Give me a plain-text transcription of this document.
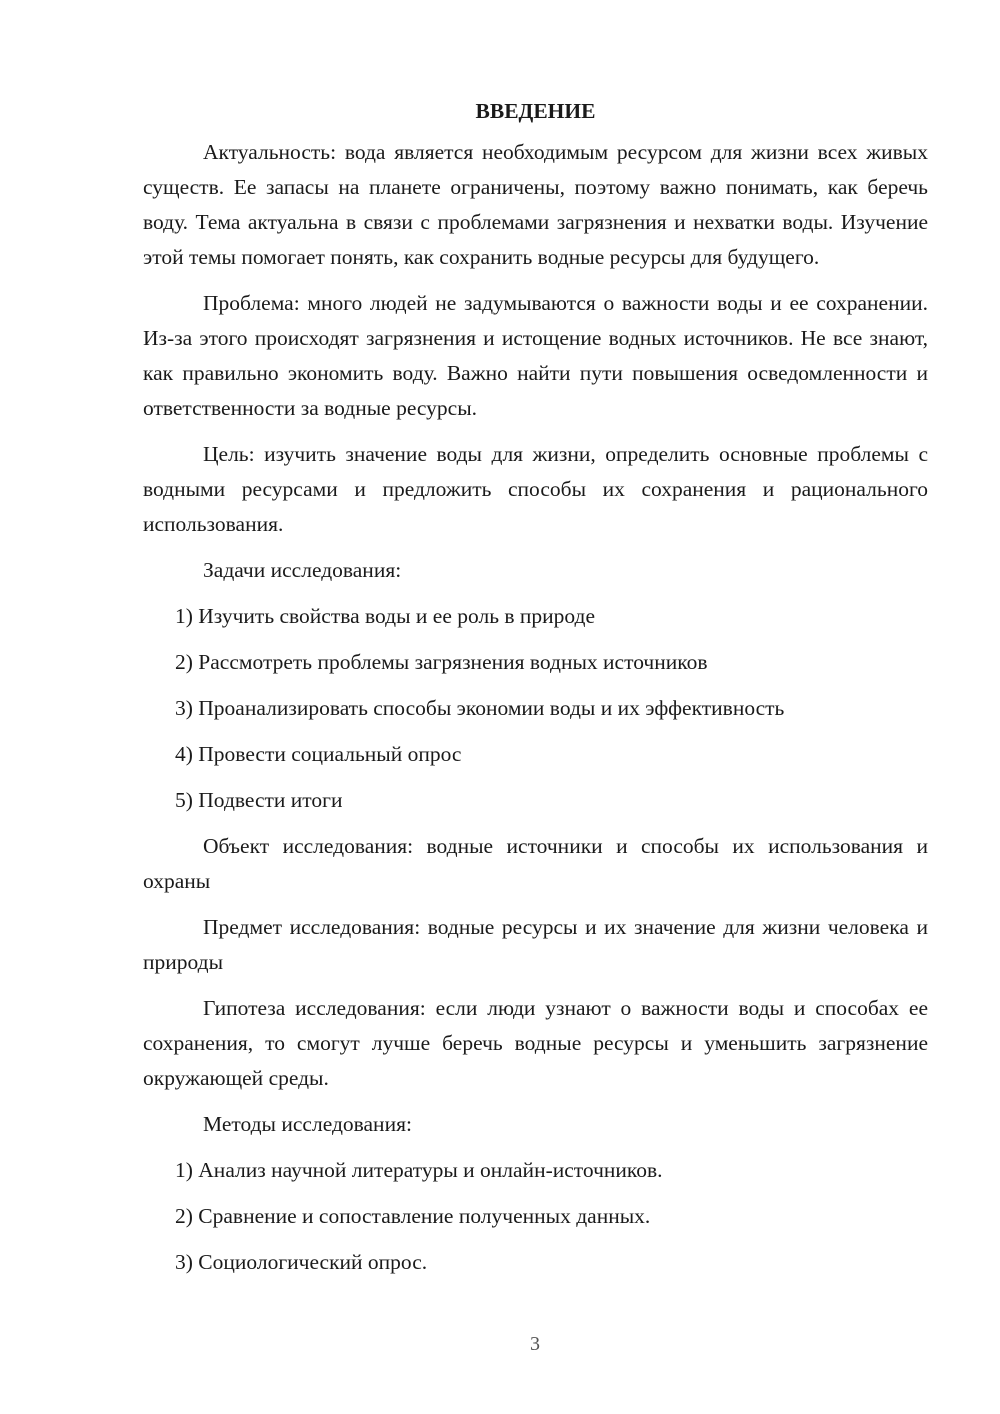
ВВЕДЕНИЕ

Актуальность: вода является необходимым ресурсом для жизни всех живых существ. Ее запасы на планете ограничены, поэтому важно понимать, как беречь воду. Тема актуальна в связи с проблемами загрязнения и нехватки воды. Изучение этой темы помогает понять, как сохранить водные ресурсы для будущего.

Проблема: много людей не задумываются о важности воды и ее сохранении. Из-за этого происходят загрязнения и истощение водных источников. Не все знают, как правильно экономить воду. Важно найти пути повышения осведомленности и ответственности за водные ресурсы.

Цель: изучить значение воды для жизни, определить основные проблемы с водными ресурсами и предложить способы их сохранения и рационального использования.

Задачи исследования:
1) Изучить свойства воды и ее роль в природе
2) Рассмотреть проблемы загрязнения водных источников
3) Проанализировать способы экономии воды и их эффективность
4) Провести социальный опрос
5) Подвести итоги

Объект исследования: водные источники и способы их использования и охраны

Предмет исследования: водные ресурсы и их значение для жизни человека и природы

Гипотеза исследования: если люди узнают о важности воды и способах ее сохранения, то смогут лучше беречь водные ресурсы и уменьшить загрязнение окружающей среды.

Методы исследования:
1) Анализ научной литературы и онлайн-источников.
2) Сравнение и сопоставление полученных данных.
3) Социологический опрос.
3
